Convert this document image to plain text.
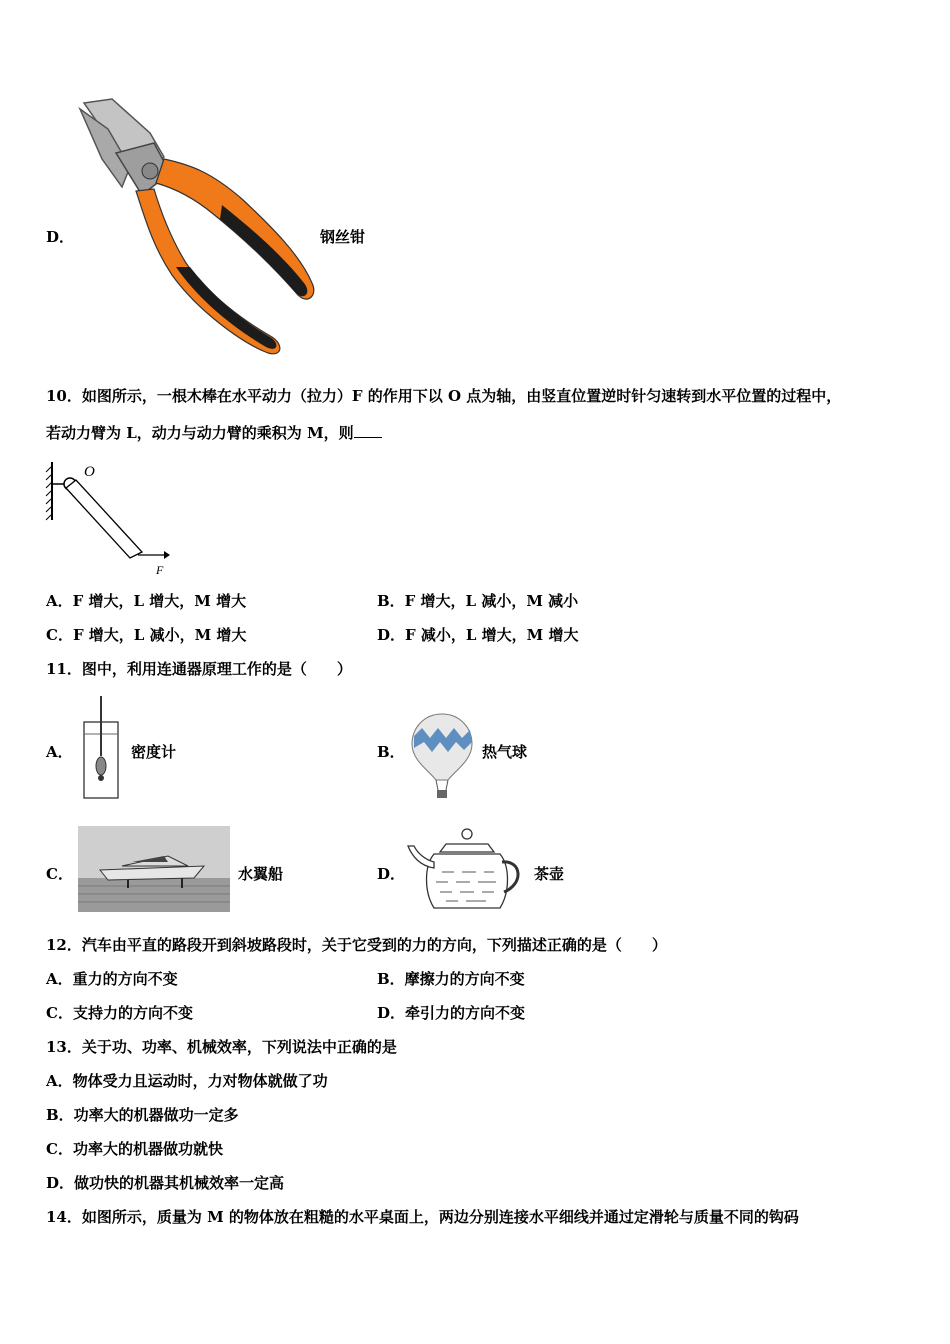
D．	钢丝钳
10．如图所示，一根木棒在水平动力（拉力）F 的作用下以 O 点为轴，由竖直位置逆时针匀速转到水平位置的过程中，
若动力臂为 L，动力与动力臂的乘积为 M，则
O
F
A．F 增大，L 增大，M 增大	B．F 增大，L 减小，M 减小
C．F 增大，L 减小，M 增大	D．F 减小，L 增大，M 增大
11．图中，利用连通器原理工作的是（　　）
A．	密度计	B．	热气球
C．	水翼船	D．	茶壶
12．汽车由平直的路段开到斜坡路段时，关于它受到的力的方向，下列描述正确的是（　　）
A．重力的方向不变	B．摩擦力的方向不变
C．支持力的方向不变	D．牵引力的方向不变
13．关于功、功率、机械效率，下列说法中正确的是
A．物体受力且运动时，力对物体就做了功
B．功率大的机器做功一定多
C．功率大的机器做功就快
D．做功快的机器其机械效率一定高
14．如图所示，质量为 M 的物体放在粗糙的水平桌面上，两边分别连接水平细线并通过定滑轮与质量不同的钩码
